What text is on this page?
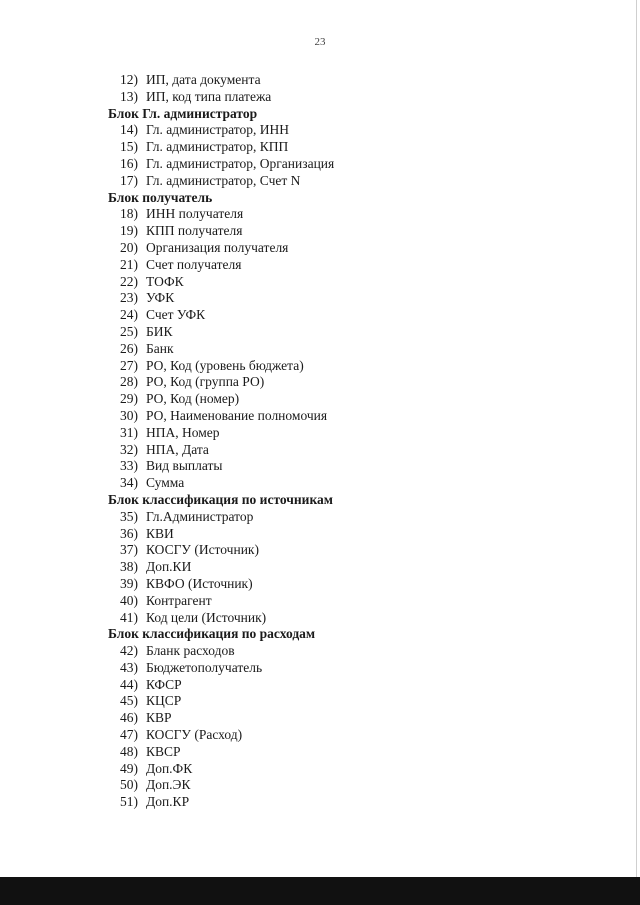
23
12) ИП, дата документа
13) ИП, код типа платежа
Блок Гл. администратор
14) Гл. администратор, ИНН
15) Гл. администратор, КПП
16) Гл. администратор, Организация
17) Гл. администратор, Счет N
Блок получатель
18) ИНН получателя
19) КПП получателя
20) Организация получателя
21) Счет получателя
22) ТОФК
23) УФК
24) Счет УФК
25) БИК
26) Банк
27) РО, Код (уровень бюджета)
28) РО, Код (группа РО)
29) РО, Код (номер)
30) РО, Наименование полномочия
31) НПА, Номер
32) НПА, Дата
33) Вид выплаты
34) Сумма
Блок классификация по источникам
35) Гл.Администратор
36) КВИ
37) КОСГУ (Источник)
38) Доп.КИ
39) КВФО (Источник)
40) Контрагент
41) Код цели (Источник)
Блок классификация по расходам
42) Бланк расходов
43) Бюджетополучатель
44) КФСР
45) КЦСР
46) КВР
47) КОСГУ (Расход)
48) КВСР
49) Доп.ФК
50) Доп.ЭК
51) Доп.КР
